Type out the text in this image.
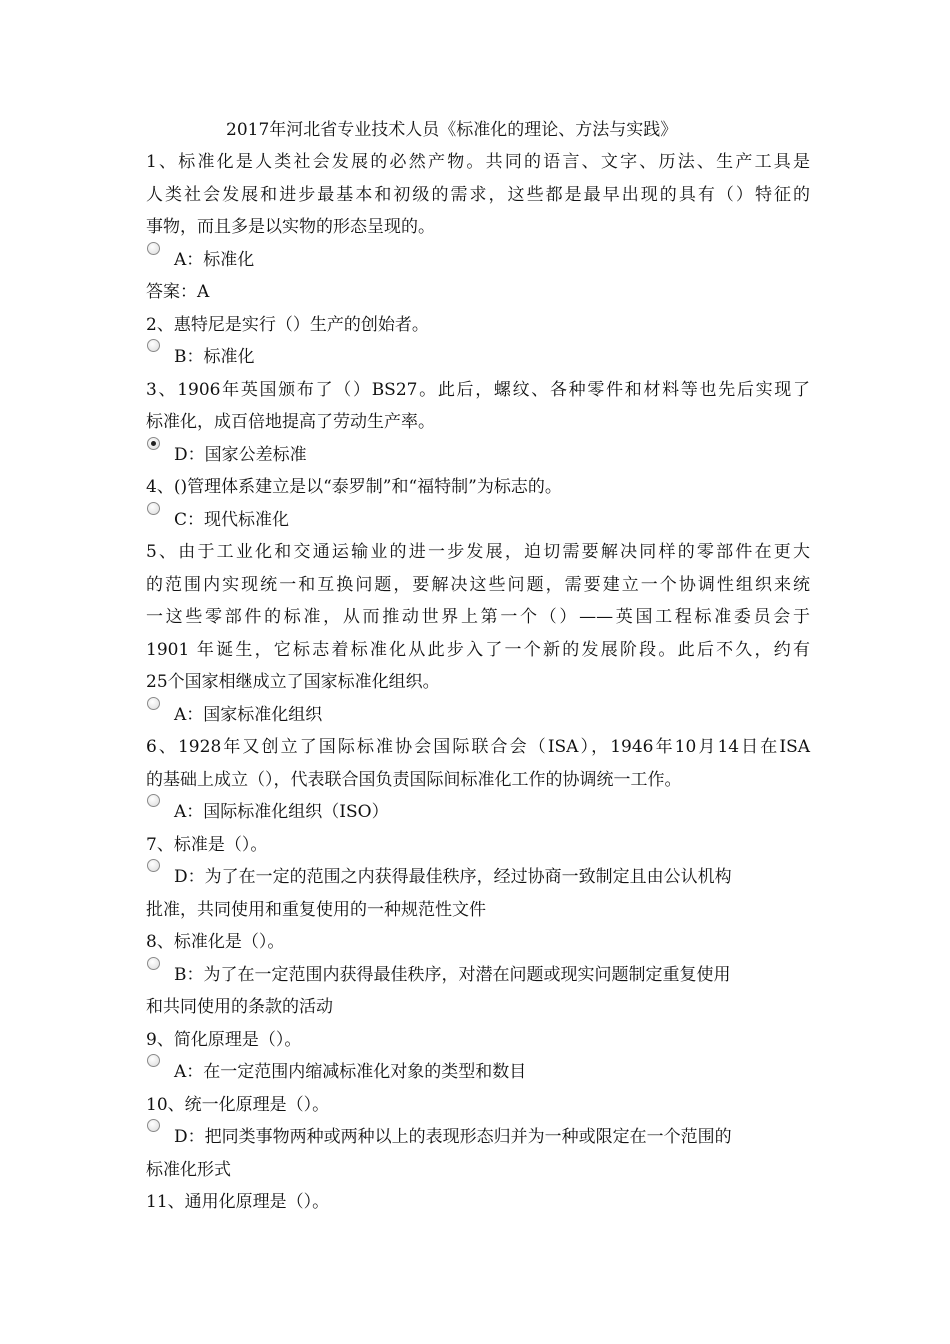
2017年河北省专业技术人员《标准化的理论、方法与实践》
1、标准化是人类社会发展的必然产物。共同的语言、文字、历法、生产工具是
人类社会发展和进步最基本和初级的需求，这些都是最早出现的具有（）特征的
事物，而且多是以实物的形态呈现的。
A：标准化
答案：A
2、惠特尼是实行（）生产的创始者。
B：标准化
3、1906年英国颁布了（）BS27。此后，螺纹、各种零件和材料等也先后实现了
标准化，成百倍地提高了劳动生产率。
D：国家公差标准
4、()管理体系建立是以“泰罗制”和“福特制”为标志的。
C：现代标准化
5、由于工业化和交通运输业的进一步发展，迫切需要解决同样的零部件在更大
的范围内实现统一和互换问题，要解决这些问题，需要建立一个协调性组织来统
一这些零部件的标准，从而推动世界上第一个（）——英国工程标准委员会于
1901 年诞生，它标志着标准化从此步入了一个新的发展阶段。此后不久，约有
25个国家相继成立了国家标准化组织。
A：国家标准化组织
6、1928年又创立了国际标准协会国际联合会（ISA），1946年10月14日在ISA
的基础上成立（），代表联合国负责国际间标准化工作的协调统一工作。
A：国际标准化组织（ISO）
7、标准是（）。
D：为了在一定的范围之内获得最佳秩序，经过协商一致制定且由公认机构
批准，共同使用和重复使用的一种规范性文件
8、标准化是（）。
B：为了在一定范围内获得最佳秩序，对潜在问题或现实问题制定重复使用
和共同使用的条款的活动
9、简化原理是（）。
A：在一定范围内缩减标准化对象的类型和数目
10、统一化原理是（）。
D：把同类事物两种或两种以上的表现形态归并为一种或限定在一个范围的
标准化形式
11、通用化原理是（）。
